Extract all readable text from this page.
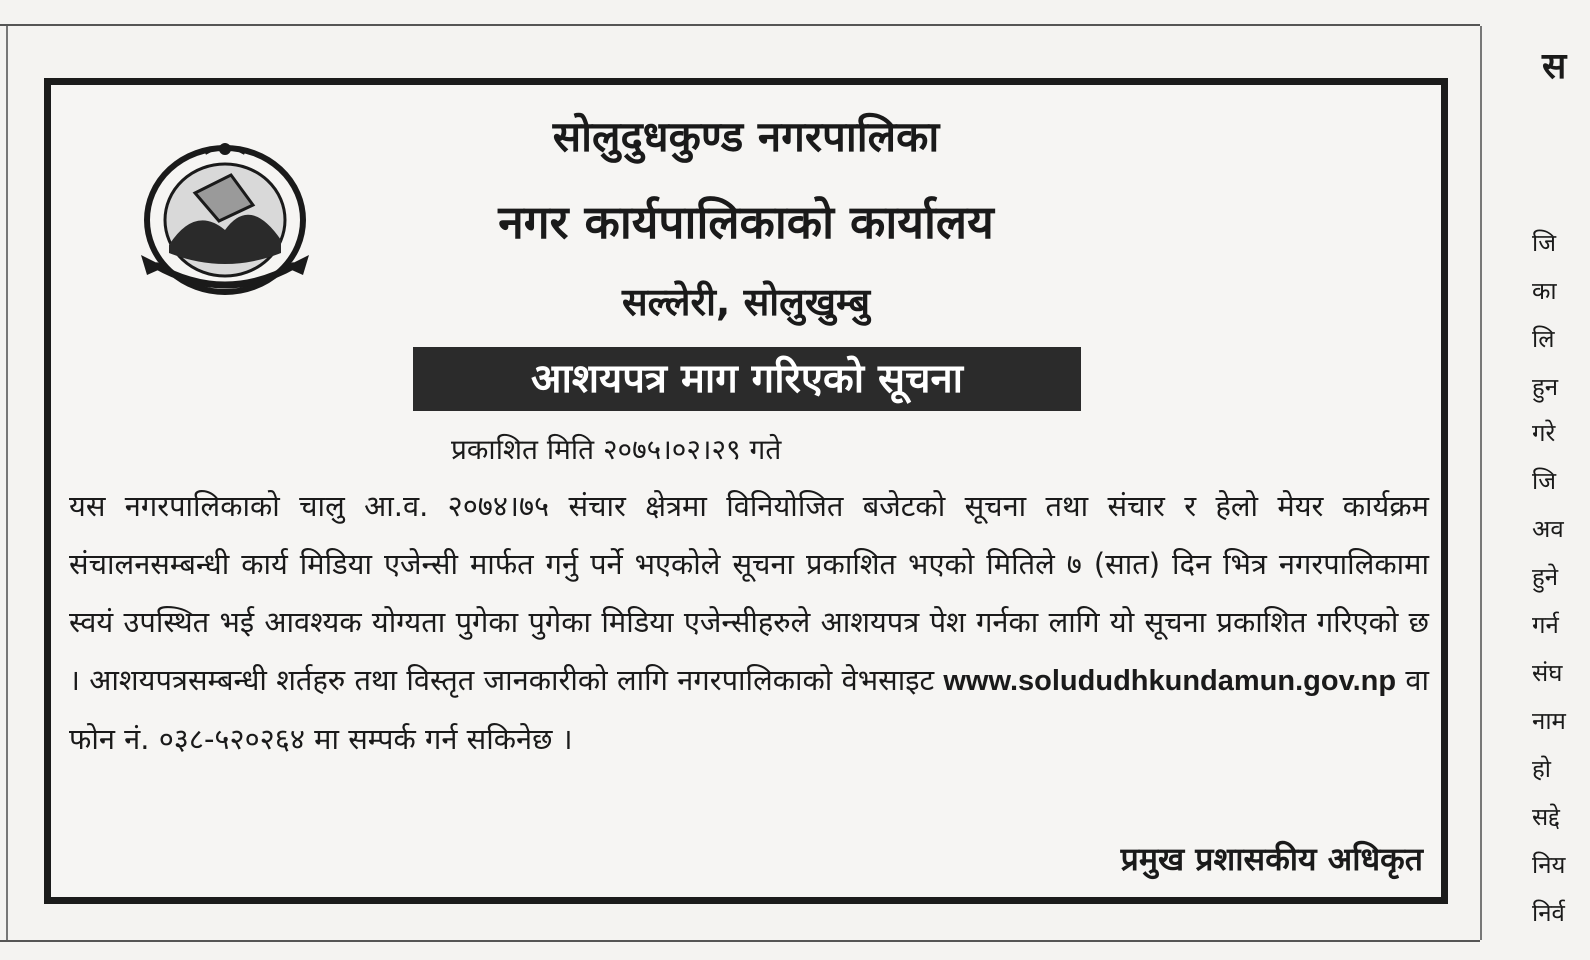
सोलुदुधकुण्ड नगरपालिका
नगर कार्यपालिकाको कार्यालय
सल्लेरी, सोलुखुम्बु
आशयपत्र माग गरिएको सूचना
प्रकाशित मिति २०७५।०२।२९ गते
यस नगरपालिकाको चालु आ.व. २०७४।७५ संचार क्षेत्रमा विनियोजित बजेटको सूचना तथा संचार र हेलो मेयर कार्यक्रम संचालनसम्बन्धी कार्य मिडिया एजेन्सी मार्फत गर्नु पर्ने भएकोले सूचना प्रकाशित भएको मितिले ७ (सात) दिन भित्र नगरपालिकामा स्वयं उपस्थित भई आवश्यक योग्यता पुगेका पुगेका मिडिया एजेन्सीहरुले आशयपत्र पेश गर्नका लागि यो सूचना प्रकाशित गरिएको छ । आशयपत्रसम्बन्धी शर्तहरु तथा विस्तृत जानकारीको लागि नगरपालिकाको वेभसाइट www.solududhkundamun.gov.np वा फोन नं. ०३८-५२०२६४ मा सम्पर्क गर्न सकिनेछ ।
प्रमुख प्रशासकीय अधिकृत
स
जि
का
लि
हुन
गरे
जि
अव
हुने
गर्न
संघ
नाम
हो
सद्दे
निय
निर्व
